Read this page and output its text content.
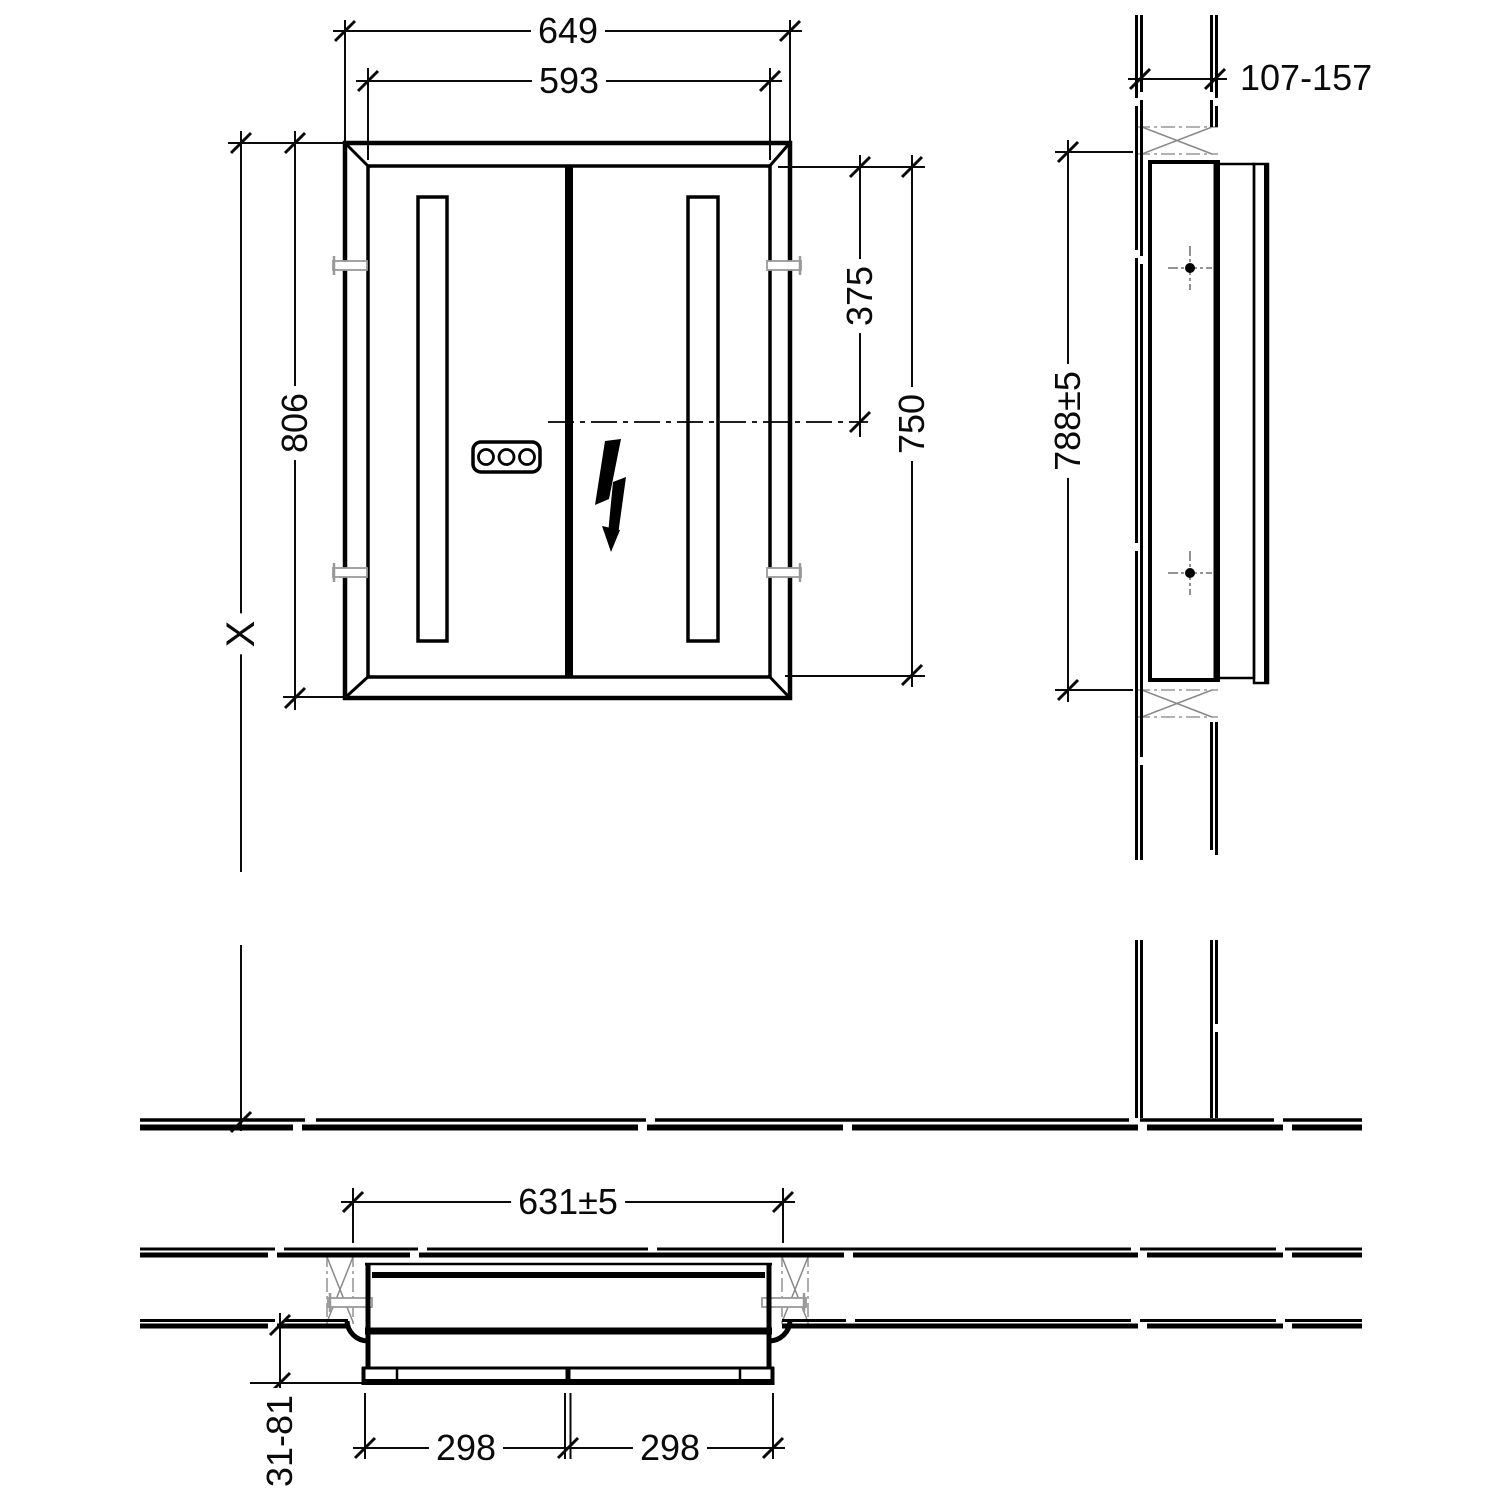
649
593
806
X
375
750
107-157
788±5
631±5
31-81	298	298
